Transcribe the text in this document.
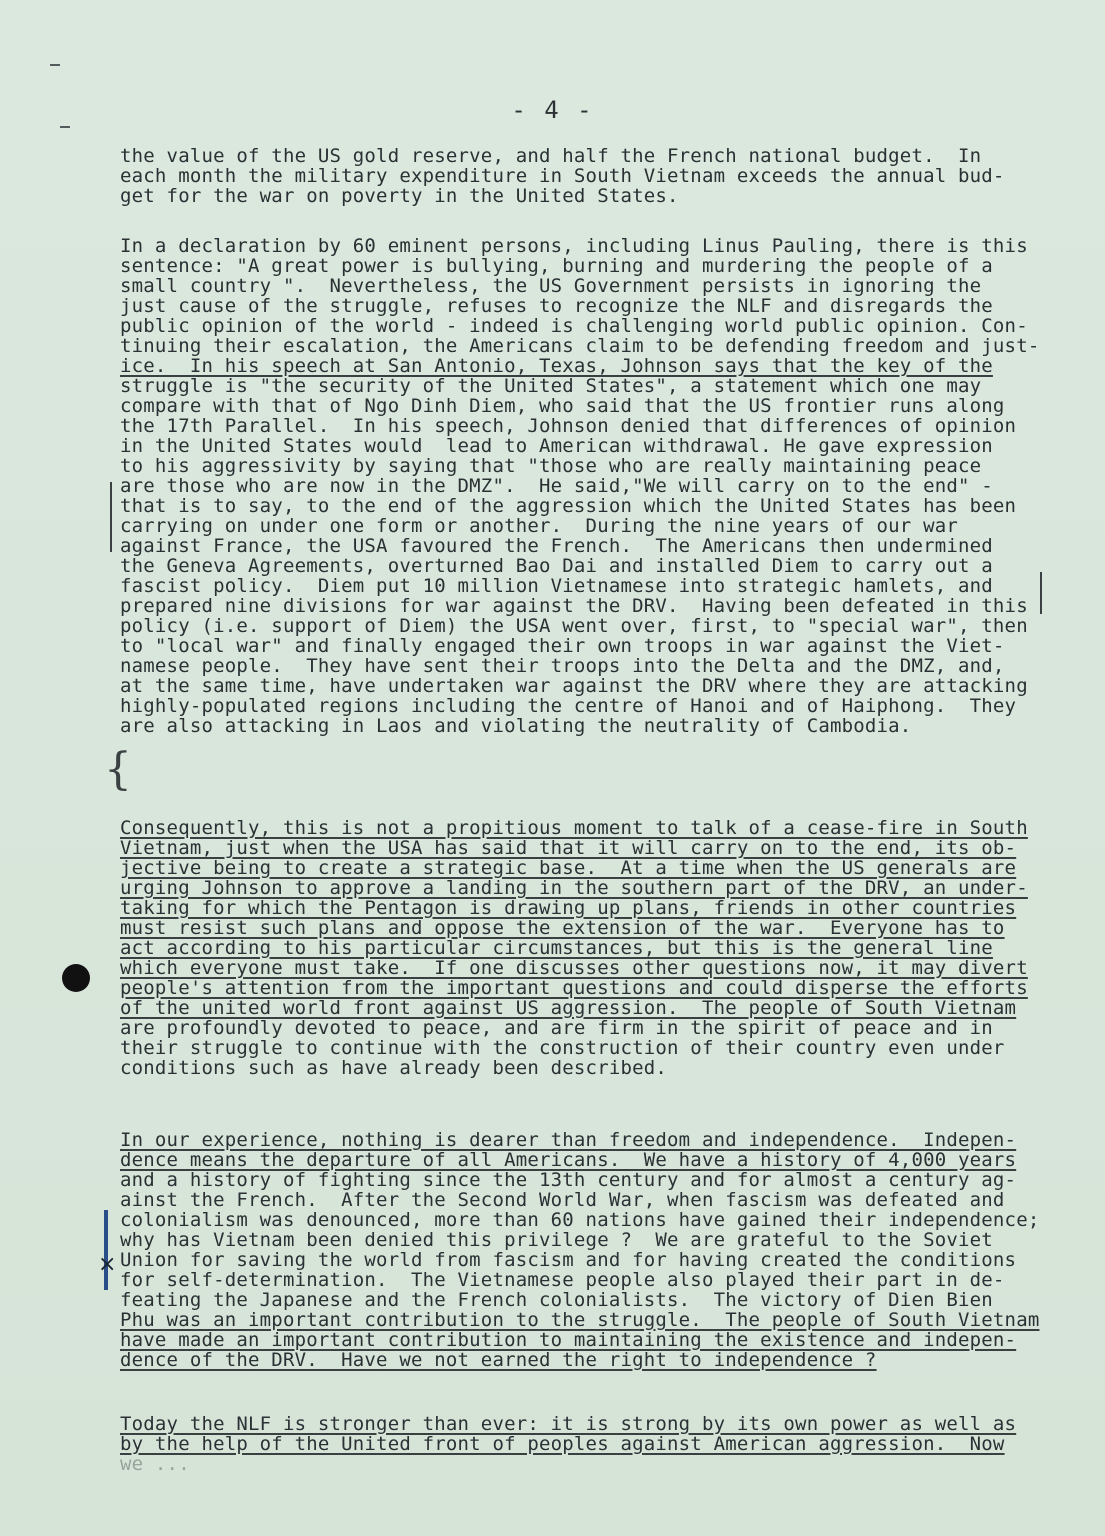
- 4 -
the value of the US gold reserve, and half the French national budget.  In
each month the military expenditure in South Vietnam exceeds the annual bud-
get for the war on poverty in the United States.
In a declaration by 60 eminent persons, including Linus Pauling, there is this
sentence: "A great power is bullying, burning and murdering the people of a
small country ".  Nevertheless, the US Government persists in ignoring the
just cause of the struggle, refuses to recognize the NLF and disregards the
public opinion of the world - indeed is challenging world public opinion. Con-
tinuing their escalation, the Americans claim to be defending freedom and just-
ice.  In his speech at San Antonio, Texas, Johnson says that the key of the
struggle is "the security of the United States", a statement which one may
compare with that of Ngo Dinh Diem, who said that the US frontier runs along
the 17th Parallel.  In his speech, Johnson denied that differences of opinion
in the United States would  lead to American withdrawal. He gave expression
to his aggressivity by saying that "those who are really maintaining peace
are those who are now in the DMZ".  He said,"We will carry on to the end" -
that is to say, to the end of the aggression which the United States has been
carrying on under one form or another.  During the nine years of our war
against France, the USA favoured the French.  The Americans then undermined
the Geneva Agreements, overturned Bao Dai and installed Diem to carry out a
fascist policy.  Diem put 10 million Vietnamese into strategic hamlets, and
prepared nine divisions for war against the DRV.  Having been defeated in this
policy (i.e. support of Diem) the USA went over, first, to "special war", then
to "local war" and finally engaged their own troops in war against the Viet-
namese people.  They have sent their troops into the Delta and the DMZ, and,
at the same time, have undertaken war against the DRV where they are attacking
highly-populated regions including the centre of Hanoi and of Haiphong.  They
are also attacking in Laos and violating the neutrality of Cambodia.
Consequently, this is not a propitious moment to talk of a cease-fire in South
Vietnam, just when the USA has said that it will carry on to the end, its ob-
jective being to create a strategic base.  At a time when the US generals are
urging Johnson to approve a landing in the southern part of the DRV, an under-
taking for which the Pentagon is drawing up plans, friends in other countries
must resist such plans and oppose the extension of the war.  Everyone has to
act according to his particular circumstances, but this is the general line
which everyone must take.  If one discusses other questions now, it may divert
people's attention from the important questions and could disperse the efforts
of the united world front against US aggression.  The people of South Vietnam
are profoundly devoted to peace, and are firm in the spirit of peace and in
their struggle to continue with the construction of their country even under
conditions such as have already been described.
In our experience, nothing is dearer than freedom and independence.  Indepen-
dence means the departure of all Americans.  We have a history of 4,000 years
and a history of fighting since the 13th century and for almost a century ag-
ainst the French.  After the Second World War, when fascism was defeated and
colonialism was denounced, more than 60 nations have gained their independence;
why has Vietnam been denied this privilege ?  We are grateful to the Soviet
Union for saving the world from fascism and for having created the conditions
for self-determination.  The Vietnamese people also played their part in de-
feating the Japanese and the French colonialists.  The victory of Dien Bien
Phu was an important contribution to the struggle.  The people of South Vietnam
have made an important contribution to maintaining the existence and indepen-
dence of the DRV.  Have we not earned the right to independence ?
Today the NLF is stronger than ever: it is strong by its own power as well as
by the help of the United front of peoples against American aggression.  Now
we ...
{
×
